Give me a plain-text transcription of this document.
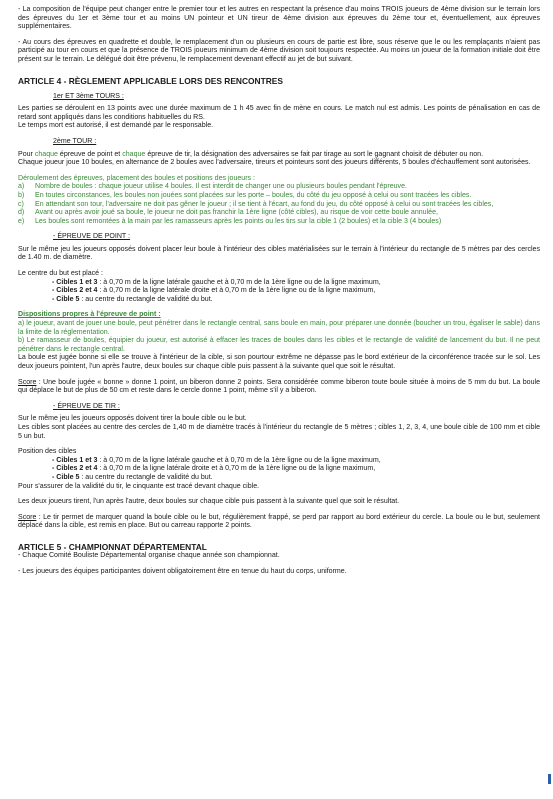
- La composition de l'équipe peut changer entre le premier tour et les autres en respectant la présence d'au moins TROIS joueurs de 4ème division sur le terrain lors des épreuves du 1er et 3ème tour et au moins UN pointeur et UN tireur de 4ème division aux épreuves du 2ème tour et, éventuellement, aux épreuves supplémentaires.

- Au cours des épreuves en quadrette et double, le remplacement d'un ou plusieurs en cours de partie est libre, sous réserve que le ou les remplaçants n'aient pas participé au tour en cours et que la présence de TROIS joueurs minimum de 4ème division soit toujours respectée. Au moins un joueur de la formation initiale doit être présent sur le terrain. Le délégué doit être prévenu, le remplacement devenant effectif au jet de but suivant.

ARTICLE 4 - RÈGLEMENT APPLICABLE LORS DES RENCONTRES

1er ET 3ème TOURS :

Les parties se déroulent en 13 points avec une durée maximum de 1 h 45 avec fin de mène en cours. Le match nul est admis. Les points de pénalisation en cas de retard sont appliqués dans les conditions habituelles du RS.

Le temps mort est autorisé, il est demandé par le responsable.

2ème TOUR :

Pour chaque épreuve de point et chaque épreuve de tir, la désignation des adversaires se fait par tirage au sort le gagnant choisit de débuter ou non.

Chaque joueur joue 10 boules, en alternance de 2 boules avec l'adversaire, tireurs et pointeurs sont des joueurs différents, 5 boules d'échauffement sont autorisées.

Déroulement des épreuves, placement des boules et positions des joueurs :

a)	Nombre de boules : chaque joueur utilise 4 boules. Il est interdit de changer une ou plusieurs boules pendant l'épreuve.
b)	En toutes circonstances, les boules non jouées sont placées sur les porte – boules, du côté du jeu opposé à celui ou sont tracées les cibles.
c)	En attendant son tour, l'adversaire ne doit pas gêner le joueur ; il se tient à l'écart, au fond du jeu, du côté opposé à celui ou sont tracées les cibles,
d)	Avant ou après avoir joué sa boule, le joueur ne doit pas franchir la 1ère ligne (côté cibles), au risque de voir cette boule annulée,
e)	Les boules sont remontées à la main par les ramasseurs après les points ou les tirs sur la cible 1 (2 boules) et la cible 3 (4 boules)

- ÉPREUVE DE POINT :

Sur le même jeu les joueurs opposés doivent placer leur boule à l'intérieur des cibles matérialisées sur le terrain à l'intérieur du rectangle de 5 mètres par des cercles de 1.40 m. de diamètre.

Le centre du but est placé :

- Cibles 1 et 3 : à 0,70 m de la ligne latérale gauche et à 0,70 m de la 1ère ligne ou de la ligne maximum,

- Cibles 2 et 4 : à 0,70 m de la ligne latérale droite et à 0,70 m de la 1ère ligne ou de la ligne maximum,

- Cible 5 : au centre du rectangle de validité du but.

Dispositions propres à l'épreuve de point :

a) le joueur, avant de jouer une boule, peut pénétrer dans le rectangle central, sans boule en main, pour préparer une donnée (boucher un trou, égaliser le sable) dans la limite de la réglementation.

b) Le ramasseur de boules, équipier du joueur, est autorisé à effacer les traces de boules dans les cibles et le rectangle de validité de lancement du but. Il ne peut pénétrer dans le rectangle central.

La boule est jugée bonne si elle se trouve à l'intérieur de la cible, si son pourtour extrême ne dépasse pas le bord extérieur de la circonférence tracée sur le sol. Les deux joueurs pointent, l'un après l'autre, deux boules sur chaque cible puis passent à la suivante quel que soit le résultat.

Score : Une boule jugée « bonne » donne 1 point, un biberon donne 2 points. Sera considérée comme biberon toute boule située à moins de 5 mm du but. La boule qui déplace le but de plus de 50 cm et reste dans le cercle donne 1 point, même s'il y a biberon.

- ÉPREUVE DE TIR :

Sur le même jeu les joueurs opposés doivent tirer la boule cible ou le but.

Les cibles sont placées au centre des cercles de 1,40 m de diamètre tracés à l'intérieur du rectangle de 5 mètres ; cibles 1, 2, 3, 4, une boule cible de 100 mm et cible 5 un but.

Position des cibles

- Cibles 1 et 3 : à 0,70 m de la ligne latérale gauche et à 0,70 m de la 1ère ligne ou de la ligne maximum,

- Cibles 2 et 4 : à 0,70 m de la ligne latérale droite et à 0,70 m de la 1ère ligne ou de la ligne maximum,

- Cible 5 : au centre du rectangle de validité du but.

Pour s'assurer de la validité du tir, le cinquante est tracé devant chaque cible.

Les deux joueurs tirent, l'un après l'autre, deux boules sur chaque cible puis passent à la suivante quel que soit le résultat.

Score : Le tir permet de marquer quand la boule cible ou le but, régulièrement frappé, se perd par rapport au bord extérieur du cercle. La boule ou le but, seulement déplacé dans la cible, est remis en place. But ou carreau rapporte 2 points.

ARTICLE 5 - CHAMPIONNAT DÉPARTEMENTAL

- Chaque Comité Bouliste Départemental organise chaque année son championnat.

- Les joueurs des équipes participantes doivent obligatoirement être en tenue du haut du corps, uniforme.
